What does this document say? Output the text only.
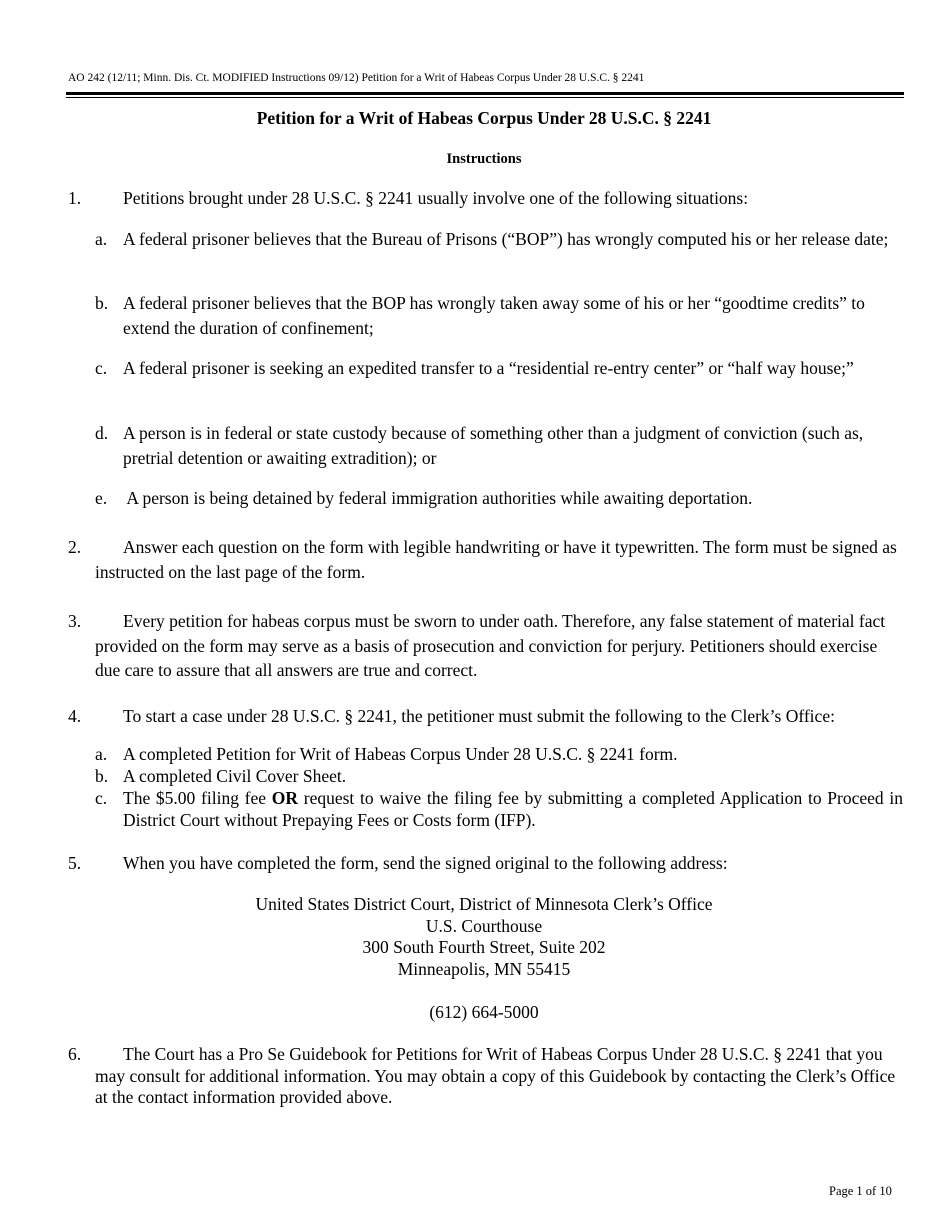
AO 242 (12/11; Minn. Dis. Ct. MODIFIED Instructions 09/12) Petition for a Writ of Habeas Corpus Under 28 U.S.C. § 2241
Petition for a Writ of Habeas Corpus Under 28 U.S.C. § 2241
Instructions
1. Petitions brought under 28 U.S.C. § 2241 usually involve one of the following situations:
a. A federal prisoner believes that the Bureau of Prisons (“BOP”) has wrongly computed his or her release date;
b. A federal prisoner believes that the BOP has wrongly taken away some of his or her “goodtime credits” to extend the duration of confinement;
c. A federal prisoner is seeking an expedited transfer to a “residential re-entry center” or “half way house;”
d. A person is in federal or state custody because of something other than a judgment of conviction (such as, pretrial detention or awaiting extradition); or
e. A person is being detained by federal immigration authorities while awaiting deportation.
2.	Answer each question on the form with legible handwriting or have it typewritten. The form must be signed as instructed on the last page of the form.
3.	Every petition for habeas corpus must be sworn to under oath. Therefore, any false statement of material fact provided on the form may serve as a basis of prosecution and conviction for perjury. Petitioners should exercise due care to assure that all answers are true and correct.
4. To start a case under 28 U.S.C. § 2241, the petitioner must submit the following to the Clerk’s Office:
a. A completed Petition for Writ of Habeas Corpus Under 28 U.S.C. § 2241 form.
b. A completed Civil Cover Sheet.
c. The $5.00 filing fee OR request to waive the filing fee by submitting a completed Application to Proceed in District Court without Prepaying Fees or Costs form (IFP).
5. When you have completed the form, send the signed original to the following address:
United States District Court, District of Minnesota Clerk’s Office
U.S. Courthouse
300 South Fourth Street, Suite 202
Minneapolis, MN 55415
(612) 664-5000
6.	The Court has a Pro Se Guidebook for Petitions for Writ of Habeas Corpus Under 28 U.S.C. § 2241 that you may consult for additional information. You may obtain a copy of this Guidebook by contacting the Clerk’s Office at the contact information provided above.
Page 1 of 10
